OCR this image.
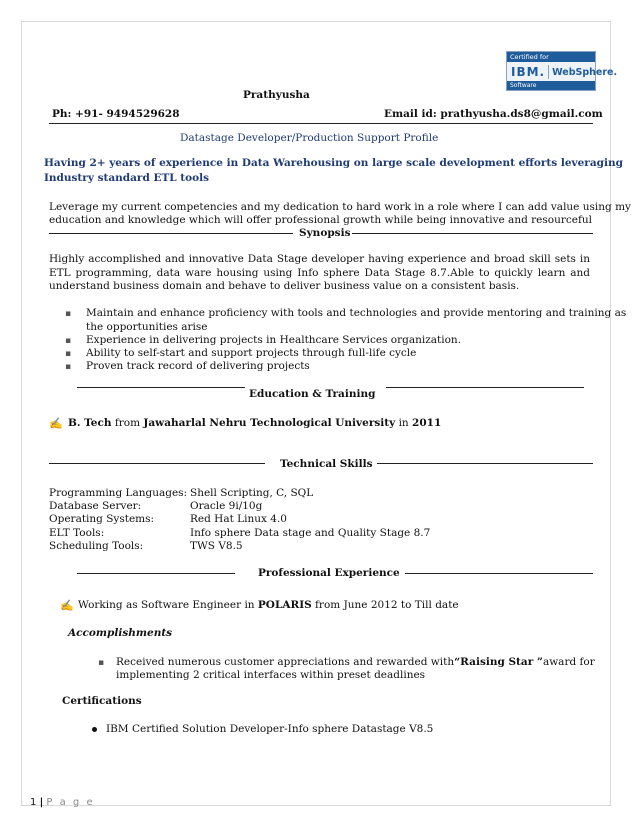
Certified for
IBM. WebSphere.
Software
Prathyusha
Ph: +91- 9494529628	Email id: prathyusha.ds8@gmail.com
Datastage Developer/Production Support Profile
Having 2+ years of experience in Data Warehousing on large scale development efforts leveraging
Industry standard ETL tools
Leverage my current competencies and my dedication to hard work in a role where I can add value using my
education and knowledge which will offer professional growth while being innovative and resourceful
Synopsis
Highly accomplished and innovative Data Stage developer having experience and broad skill sets in ETL programming, data ware housing using Info sphere Data Stage 8.7.Able to quickly learn and understand business domain and behave to deliver business value on a consistent basis.
▪ Maintain and enhance proficiency with tools and technologies and provide mentoring and training as
the opportunities arise
▪ Experience in delivering projects in Healthcare Services organization.
▪ Ability to self-start and support projects through full-life cycle
▪ Proven track record of delivering projects
Education & Training
✍ B. Tech from Jawaharlal Nehru Technological University in 2011
Technical Skills
Programming Languages: Shell Scripting, C, SQL
Database Server:	Oracle 9i/10g
Operating Systems:	Red Hat Linux 4.0
ELT Tools:	Info sphere Data stage and Quality Stage 8.7
Scheduling Tools:	TWS V8.5
Professional Experience
✍ Working as Software Engineer in POLARIS from June 2012 to Till date
Accomplishments
▪ Received numerous customer appreciations and rewarded with “Raising Star ” award for
implementing 2 critical interfaces within preset deadlines
Certifications
IBM Certified Solution Developer-Info sphere Datastage V8.5
1 | P a g e
